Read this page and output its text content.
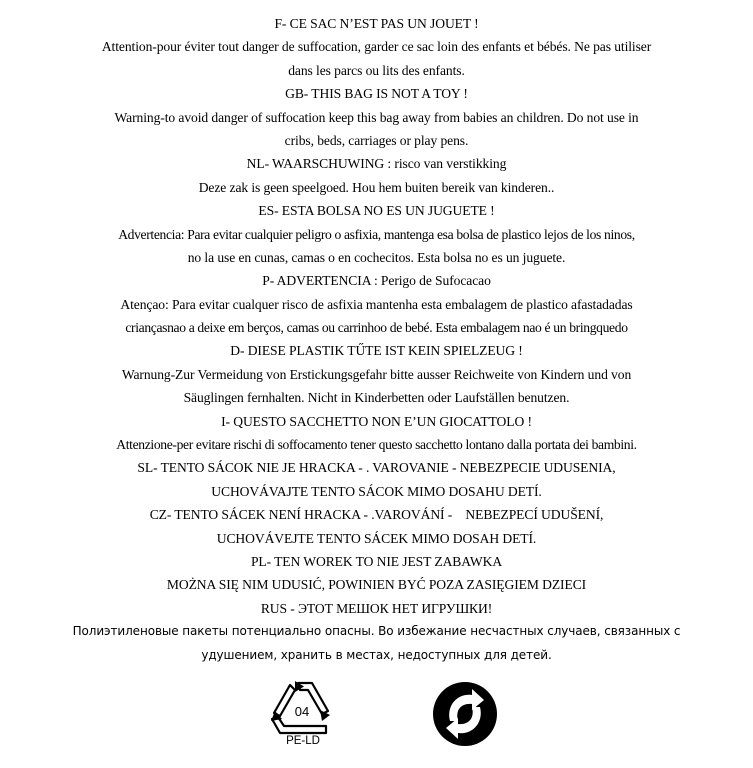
F- CE SAC N’EST PAS UN JOUET !
Attention-pour éviter tout danger de suffocation, garder ce sac loin des enfants et bébés. Ne pas utiliser
dans les parcs ou lits des enfants.
GB- THIS BAG IS NOT A TOY !
Warning-to avoid danger of suffocation keep this bag away from babies an children. Do not use in
cribs, beds, carriages or play pens.
NL- WAARSCHUWING : risco van verstikking
Deze zak is geen speelgoed. Hou hem buiten bereik van kinderen..
ES- ESTA BOLSA NO ES UN JUGUETE !
Advertencia: Para evitar cualquier peligro o asfixia, mantenga esa bolsa de plastico lejos de los ninos,
no la use en cunas, camas o en cochecitos. Esta bolsa no es un juguete.
P- ADVERTENCIA : Perigo de Sufocacao
Atençao: Para evitar cualquer risco de asfixia mantenha esta embalagem de plastico afastadadas
criançasnao a deixe em berços, camas ou carrinhoo de bebé. Esta embalagem nao é un bringquedo
D- DIESE PLASTIK TŰTE IST KEIN SPIELZEUG !
Warnung-Zur Vermeidung von Erstickungsgefahr bitte ausser Reichweite von Kindern und von
Säuglingen fernhalten. Nicht in Kinderbetten oder Laufställen benutzen.
I- QUESTO SACCHETTO NON E’UN GIOCATTOLO !
Attenzione-per evitare rischi di soffocamento tener questo sacchetto lontano dalla portata dei bambini.
SL- TENTO SÁCOK NIE JE HRACKA - . VAROVANIE - NEBEZPECIE UDUSENIA,
UCHOVÁVAJTE TENTO SÁCOK MIMO DOSAHU DETÍ.
CZ- TENTO SÁCEK NENÍ HRACKA - .VAROVÁNÍ -    NEBEZPECÍ UDUŠENÍ,
UCHOVÁVEJTE TENTO SÁCEK MIMO DOSAH DETÍ.
PL- TEN WOREK TO NIE JEST ZABAWKA
MOŻNA SIĘ NIM UDUSIĆ, POWINIEN BYĆ POZA ZASIĘGIEM DZIECI
RUS - ЭТОТ МЕШОК НЕТ ИГРУШКИ!
Полиэтиленовые пакеты потенциально опасны. Во избежание несчастных случаев, связанных с
удушением, хранить в местах, недоступных для детей.
04
PE-LD
